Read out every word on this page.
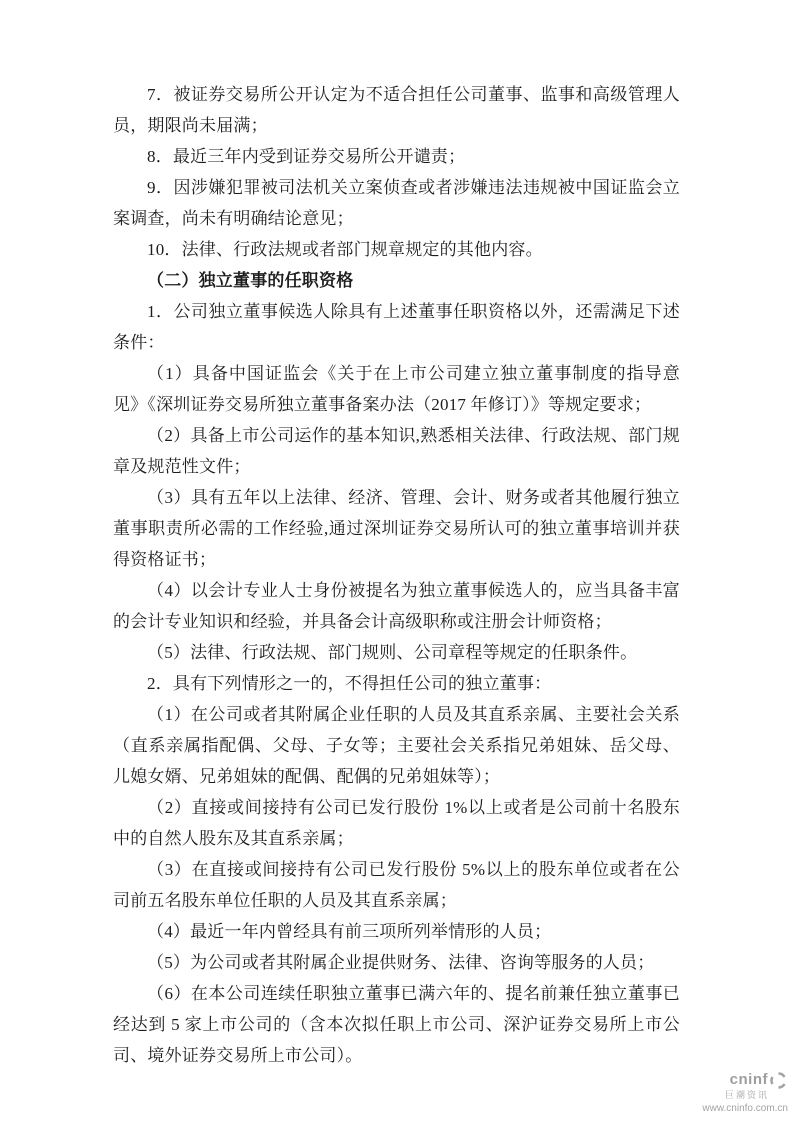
7．被证券交易所公开认定为不适合担任公司董事、监事和高级管理人员，期限尚未届满；

8．最近三年内受到证券交易所公开谴责；

9．因涉嫌犯罪被司法机关立案侦查或者涉嫌违法违规被中国证监会立案调查，尚未有明确结论意见；

10．法律、行政法规或者部门规章规定的其他内容。

（二）独立董事的任职资格

1．公司独立董事候选人除具有上述董事任职资格以外，还需满足下述条件：

（1）具备中国证监会《关于在上市公司建立独立董事制度的指导意见》《深圳证券交易所独立董事备案办法（2017 年修订）》等规定要求；

（2）具备上市公司运作的基本知识,熟悉相关法律、行政法规、部门规章及规范性文件；

（3）具有五年以上法律、经济、管理、会计、财务或者其他履行独立董事职责所必需的工作经验,通过深圳证券交易所认可的独立董事培训并获得资格证书；

（4）以会计专业人士身份被提名为独立董事候选人的，应当具备丰富的会计专业知识和经验，并具备会计高级职称或注册会计师资格；

（5）法律、行政法规、部门规则、公司章程等规定的任职条件。

2．具有下列情形之一的，不得担任公司的独立董事：

（1）在公司或者其附属企业任职的人员及其直系亲属、主要社会关系（直系亲属指配偶、父母、子女等；主要社会关系指兄弟姐妹、岳父母、儿媳女婿、兄弟姐妹的配偶、配偶的兄弟姐妹等）；

（2）直接或间接持有公司已发行股份 1%以上或者是公司前十名股东中的自然人股东及其直系亲属；

（3）在直接或间接持有公司已发行股份 5%以上的股东单位或者在公司前五名股东单位任职的人员及其直系亲属；

（4）最近一年内曾经具有前三项所列举情形的人员；

（5）为公司或者其附属企业提供财务、法律、咨询等服务的人员；

（6）在本公司连续任职独立董事已满六年的、提名前兼任独立董事已经达到 5 家上市公司的（含本次拟任职上市公司、深沪证券交易所上市公司、境外证券交易所上市公司）。

cninf
巨潮资讯
www.cninfo.com.cn
